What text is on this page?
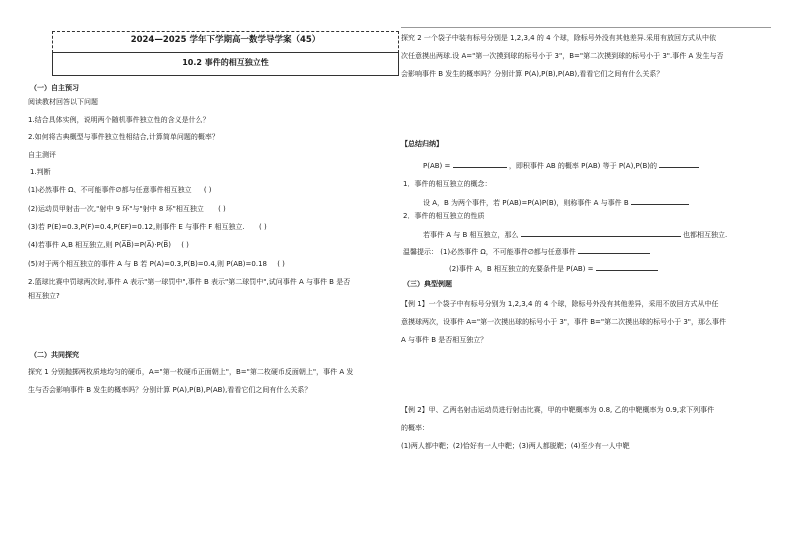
2024—2025 学年下学期高一数学导学案（45）
10.2 事件的相互独立性
（一）自主预习
阅读教材回答以下问题
1.结合具体实例，说明两个随机事件独立性的含义是什么？
2.如何将古典概型与事件独立性相结合,计算简单问题的概率？
自主测评
1.判断
(1)必然事件 Ω、不可能事件∅都与任意事件相互独立 ( )
(2)运动员甲射击一次,"射中 9 环"与"射中 8 环"相互独立 ( )
(3)若 P(E)=0.3,P(F)=0.4,P(EF)=0.12,则事件 E 与事件 F 相互独立. ( )
(4)若事件 A,B 相互独立,则 P(A̅B̅)=P(A̅)·P(B̅) ( )
(5)对于两个相互独立的事件 A 与 B 若 P(A)=0.3,P(B)=0.4,则 P(AB)=0.18 ( )
2.篮球比赛中罚球两次时,事件 A 表示"第一球罚中",事件 B 表示"第二球罚中",试问事件 A 与事件 B 是否
相互独立?
（二）共同探究
探究 1 分别抛掷两枚质地均匀的硬币，A="第一枚硬币正面朝上"，B="第二枚硬币反面朝上"，事件 A 发
生与否会影响事件 B 发生的概率吗？分别计算 P(A),P(B),P(AB),看看它们之间有什么关系？
探究 2 一个袋子中装有标号分别是 1,2,3,4 的 4 个球，除标号外没有其他差异.采用有放回方式从中依
次任意摸出两球.设 A="第一次摸到球的标号小于 3"，B="第二次摸到球的标号小于 3".事件 A 发生与否
会影响事件 B 发生的概率吗？分别计算 P(A),P(B),P(AB),看看它们之间有什么关系？
【总结归纳】
P(AB) =	，即积事件 AB 的概率 P(AB) 等于 P(A),P(B)的
1．事件的相互独立的概念：
设 A，B 为两个事件，若 P(AB)=P(A)P(B)，则称事件 A 与事件 B
2．事件的相互独立的性质
若事件 A 与 B 相互独立，那么	也都相互独立.
温馨提示： (1)必然事件 Ω，不可能事件∅都与任意事件
(2)事件 A，B 相互独立的充要条件是 P(AB) =
（三）典型例题
【例 1】一个袋子中有标号分别为 1,2,3,4 的 4 个球，除标号外没有其他差异，采用不放回方式从中任
意摸球两次，设事件 A="第一次摸出球的标号小于 3"，事件 B="第二次摸出球的标号小于 3"，那么事件
A 与事件 B 是否相互独立？
【例 2】甲、乙两名射击运动员进行射击比赛，甲的中靶概率为 0.8, 乙的中靶概率为 0.9,求下列事件
的概率：
(1)两人都中靶；(2)恰好有一人中靶；(3)两人都脱靶；(4)至少有一人中靶
